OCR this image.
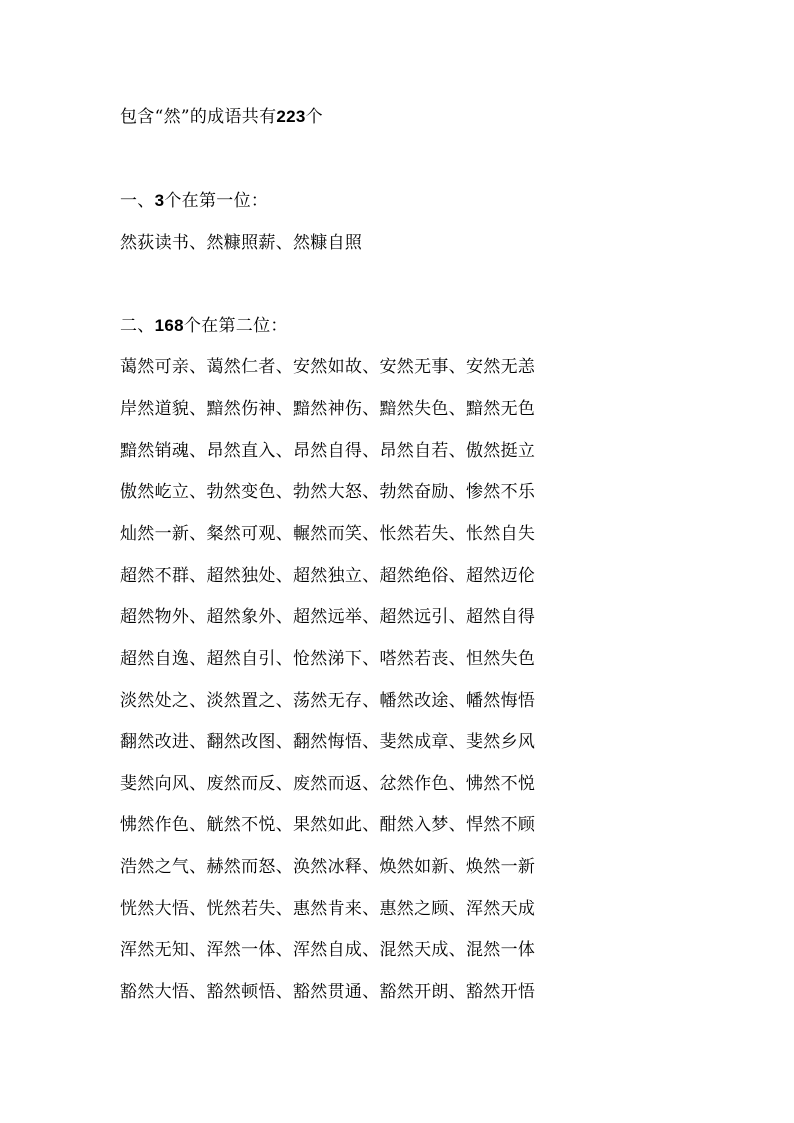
包含“然”的成语共有223个
一、3个在第一位：
然荻读书、然糠照薪、然糠自照
二、168个在第二位：
蔼然可亲、蔼然仁者、安然如故、安然无事、安然无恙
岸然道貌、黯然伤神、黯然神伤、黯然失色、黯然无色
黯然销魂、昂然直入、昂然自得、昂然自若、傲然挺立
傲然屹立、勃然变色、勃然大怒、勃然奋励、惨然不乐
灿然一新、粲然可观、輾然而笑、怅然若失、怅然自失
超然不群、超然独处、超然独立、超然绝俗、超然迈伦
超然物外、超然象外、超然远举、超然远引、超然自得
超然自逸、超然自引、怆然涕下、嗒然若丧、怛然失色
淡然处之、淡然置之、荡然无存、幡然改途、幡然悔悟
翻然改进、翻然改图、翻然悔悟、斐然成章、斐然乡风
斐然向风、废然而反、废然而返、忿然作色、怫然不悦
怫然作色、觥然不悦、果然如此、酣然入梦、悍然不顾
浩然之气、赫然而怒、涣然冰释、焕然如新、焕然一新
恍然大悟、恍然若失、惠然肯来、惠然之顾、浑然天成
浑然无知、浑然一体、浑然自成、混然天成、混然一体
豁然大悟、豁然顿悟、豁然贯通、豁然开朗、豁然开悟
